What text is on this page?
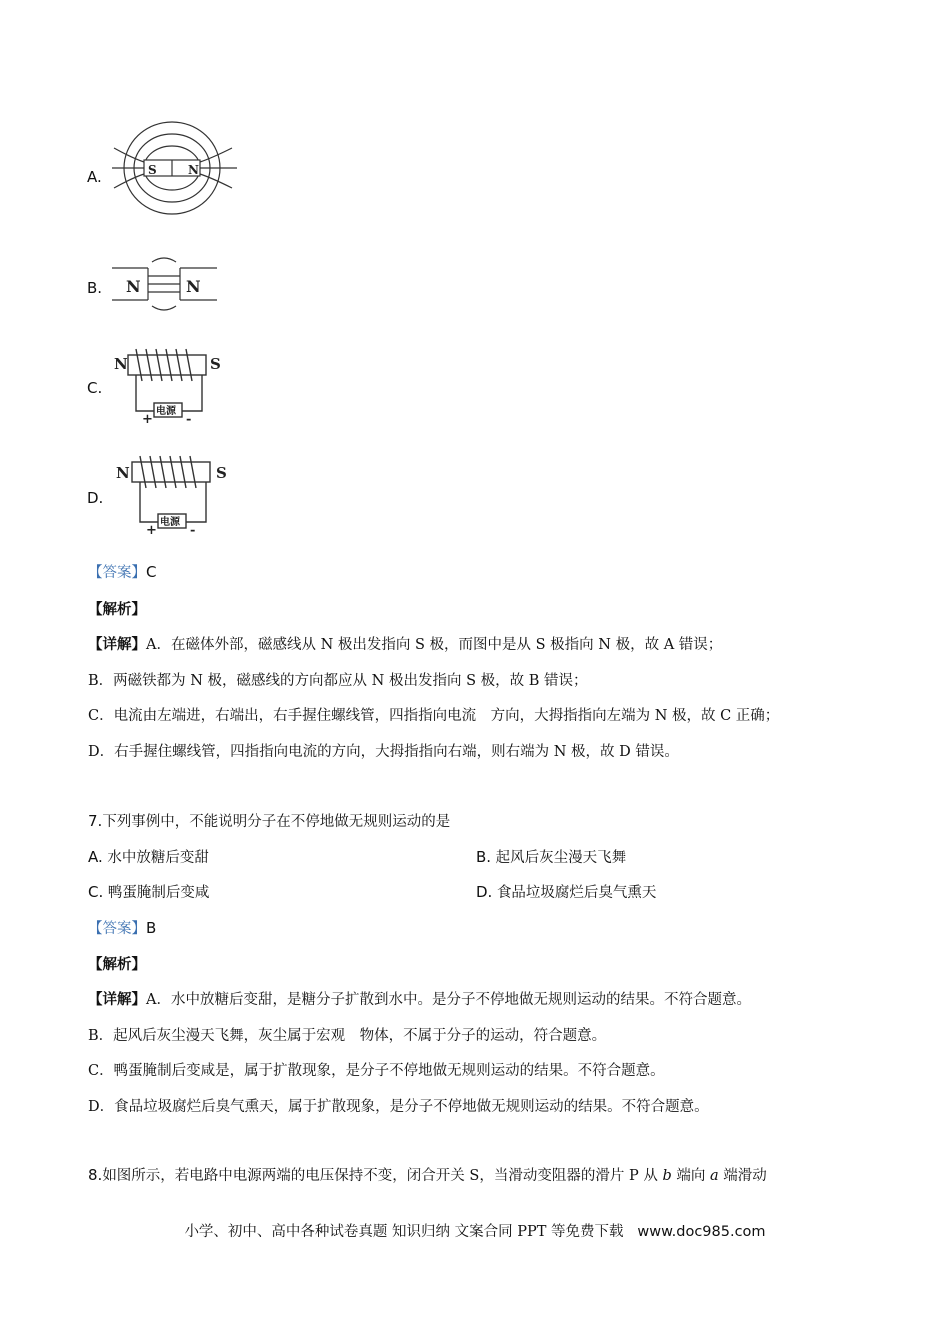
A.	S	N
B. N	N
C.
N	S
电源
+	-
D.
N	S
电源
+	-
【答案】C
【解析】
【详解】A．在磁体外部，磁感线从 N 极出发指向 S 极，而图中是从 S 极指向 N 极，故 A 错误；
B．两磁铁都为 N 极，磁感线的方向都应从 N 极出发指向 S 极，故 B 错误；
C．电流由左端进，右端出，右手握住螺线管，四指指向电流　方向，大拇指指向左端为 N 极，故 C 正确；
D．右手握住螺线管，四指指向电流的方向，大拇指指向右端，则右端为 N 极，故 D 错误。
7.下列事例中，不能说明分子在不停地做无规则运动的是
A. 水中放糖后变甜	B. 起风后灰尘漫天飞舞
C. 鸭蛋腌制后变咸	D. 食品垃圾腐烂后臭气熏天
【答案】B
【解析】
【详解】A．水中放糖后变甜，是糖分子扩散到水中。是分子不停地做无规则运动的结果。不符合题意。
B．起风后灰尘漫天飞舞，灰尘属于宏观　物体，不属于分子的运动，符合题意。
C．鸭蛋腌制后变咸是，属于扩散现象，是分子不停地做无规则运动的结果。不符合题意。
D．食品垃圾腐烂后臭气熏天，属于扩散现象，是分子不停地做无规则运动的结果。不符合题意。
8.如图所示，若电路中电源两端的电压保持不变，闭合开关 S，当滑动变阻器的滑片 P 从 b 端向 a 端滑动
小学、初中、高中各种试卷真题 知识归纳 文案合同 PPT 等免费下载 www.doc985.com
